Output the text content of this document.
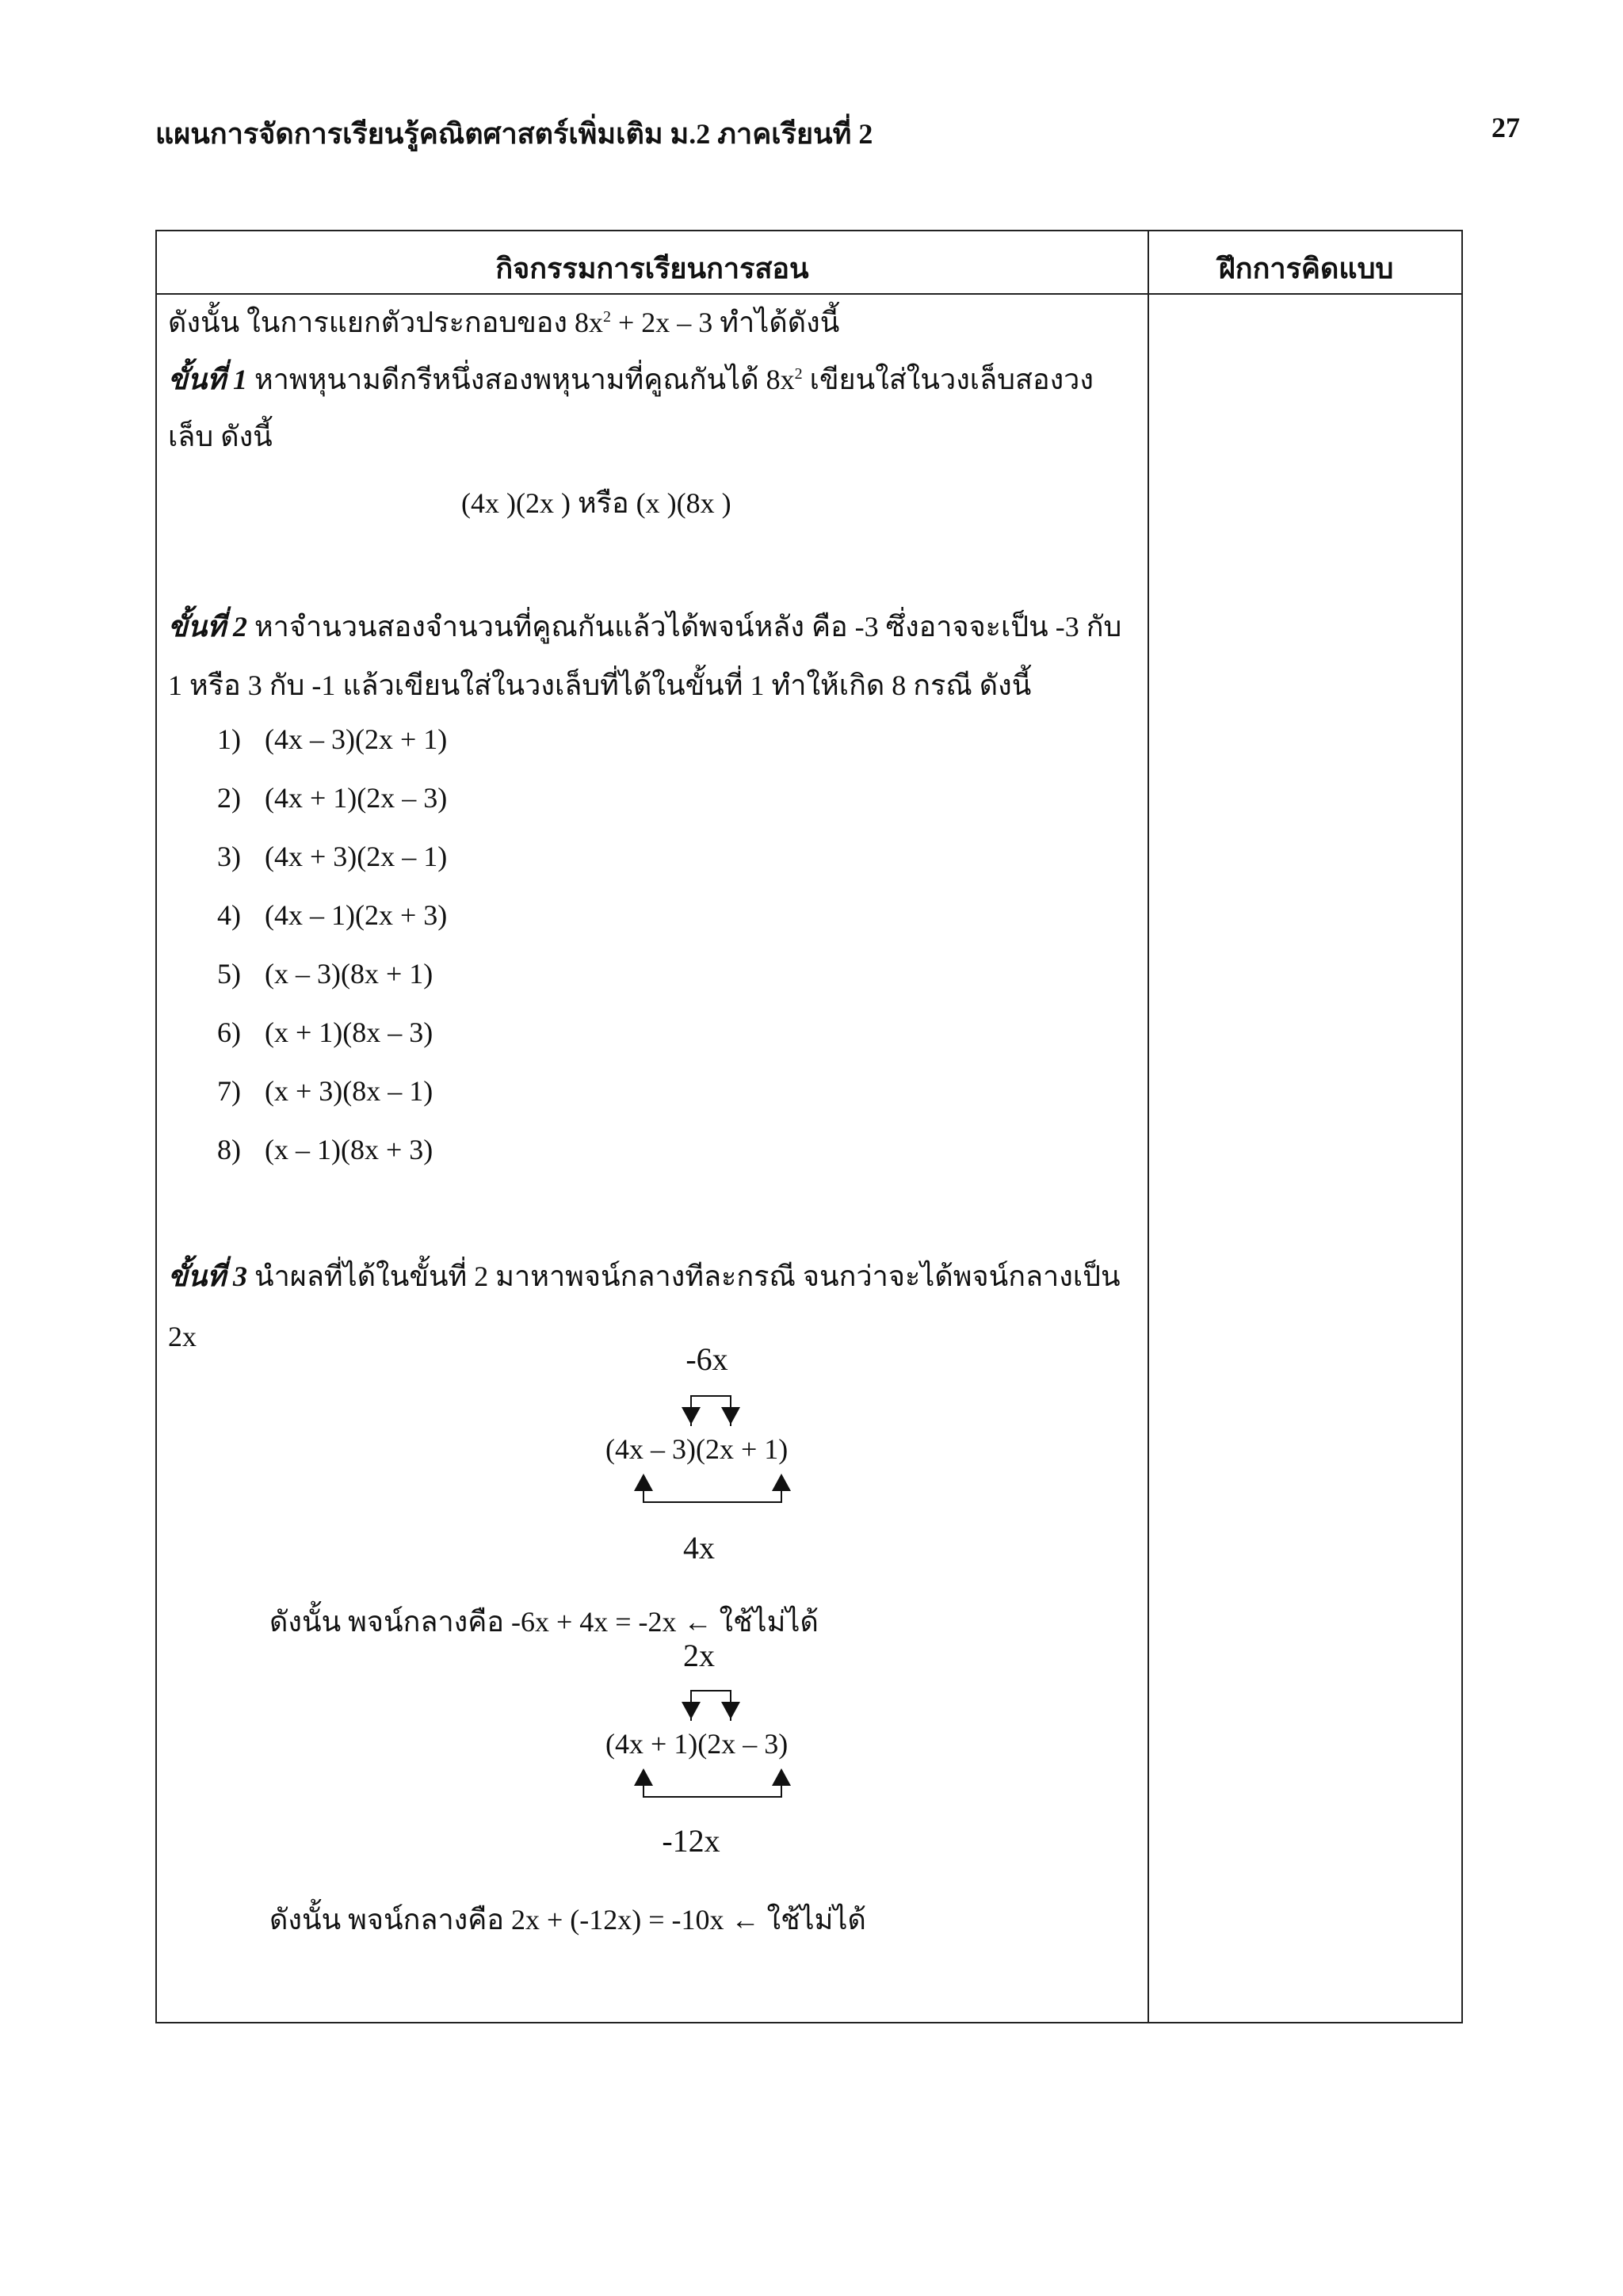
แผนการจัดการเรียนรู้คณิตศาสตร์เพิ่มเติม ม.2 ภาคเรียนที่ 2	27
กิจกรรมการเรียนการสอน	ฝึกการคิดแบบ
ดังนั้น ในการแยกตัวประกอบของ $8x^2 + 2x - 3$ ทำได้ดังนี้
ขั้นที่ 1 หาพหุนามดีกรีหนึ่งสองพหุนามที่คูณกันได้ $8x^2$ เขียนใส่ในวงเล็บสองวง
เล็บ ดังนี้
(4x )(2x ) หรือ (x )(8x )
ขั้นที่ 2 หาจำนวนสองจำนวนที่คูณกันแล้วได้พจน์หลัง คือ -3 ซึ่งอาจจะเป็น -3 กับ
1 หรือ 3 กับ -1 แล้วเขียนใส่ในวงเล็บที่ได้ในขั้นที่ 1 ทำให้เกิด 8 กรณี ดังนี้
1) (4x – 3)(2x + 1)
2) (4x + 1)(2x – 3)
3) (4x + 3)(2x – 1)
4) (4x – 1)(2x + 3)
5) (x – 3)(8x + 1)
6) (x + 1)(8x – 3)
7) (x + 3)(8x – 1)
8) (x – 1)(8x + 3)
ขั้นที่ 3 นำผลที่ได้ในขั้นที่ 2 มาหาพจน์กลางทีละกรณี จนกว่าจะได้พจน์กลางเป็น
2x
-6x
(4x – 3)(2x + 1)
4x
ดังนั้น พจน์กลางคือ -6x + 4x = -2x ← ใช้ไม่ได้
2x
(4x + 1)(2x – 3)
-12x
ดังนั้น พจน์กลางคือ 2x + (-12x) = -10x ← ใช้ไม่ได้
